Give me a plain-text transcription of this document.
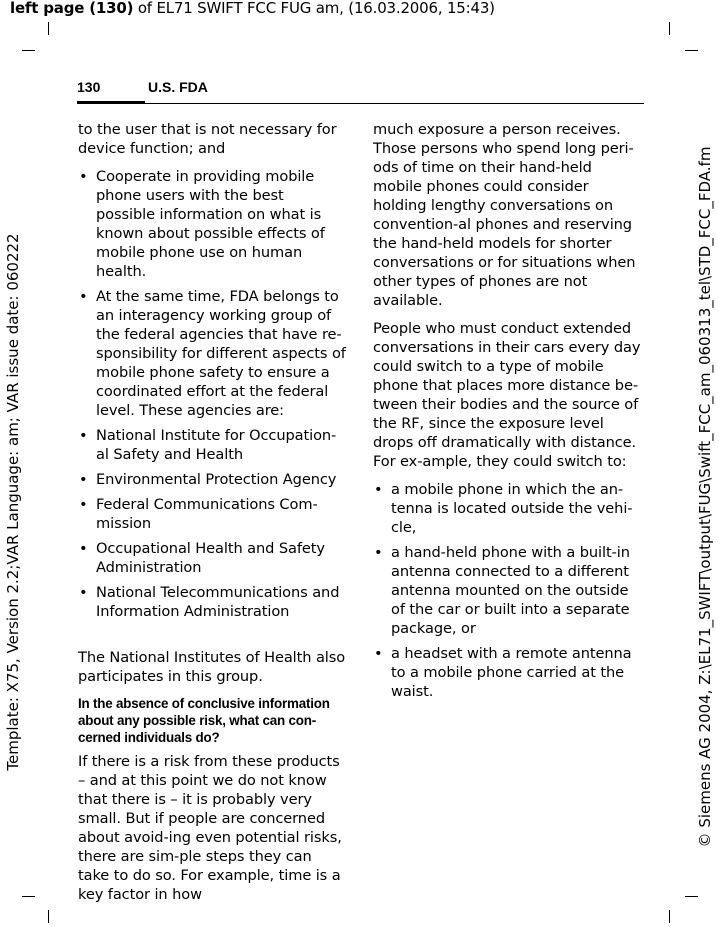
left page (130) of EL71 SWIFT FCC FUG am, (16.03.2006, 15:43)
Template: X75, Version 2.2;VAR Language: am; VAR issue date: 060222	© Siemens AG 2004, Z:\EL71_SWIFT\output\FUG\Swift_FCC_am_060313_tel\STD_FCC_FDA.fm
130	U.S. FDA
to the user that is not necessary for device function; and
• Cooperate in providing mobile phone users with the best possible information on what is known about possible effects of mobile phone use on human health.
• At the same time, FDA belongs to an interagency working group of the federal agencies that have re-sponsibility for different aspects of mobile phone safety to ensure a coordinated effort at the federal level. These agencies are:
• National Institute for Occupation-al Safety and Health
• Environmental Protection Agency
• Federal Communications Com-mission
• Occupational Health and Safety Administration
• National Telecommunications and Information Administration
The National Institutes of Health also participates in this group.
In the absence of conclusive information about any possible risk, what can con-cerned individuals do?
If there is a risk from these products – and at this point we do not know that there is – it is probably very small. But if people are concerned about avoid-ing even potential risks, there are sim-ple steps they can take to do so. For example, time is a key factor in how
much exposure a person receives. Those persons who spend long peri-ods of time on their hand-held mobile phones could consider holding lengthy conversations on convention-al phones and reserving the hand-held models for shorter conversations or for situations when other types of phones are not available.
People who must conduct extended conversations in their cars every day could switch to a type of mobile phone that places more distance be-tween their bodies and the source of the RF, since the exposure level drops off dramatically with distance. For ex-ample, they could switch to:
• a mobile phone in which the an-tenna is located outside the vehi-cle,
• a hand-held phone with a built-in antenna connected to a different antenna mounted on the outside of the car or built into a separate package, or
• a headset with a remote antenna to a mobile phone carried at the waist.
